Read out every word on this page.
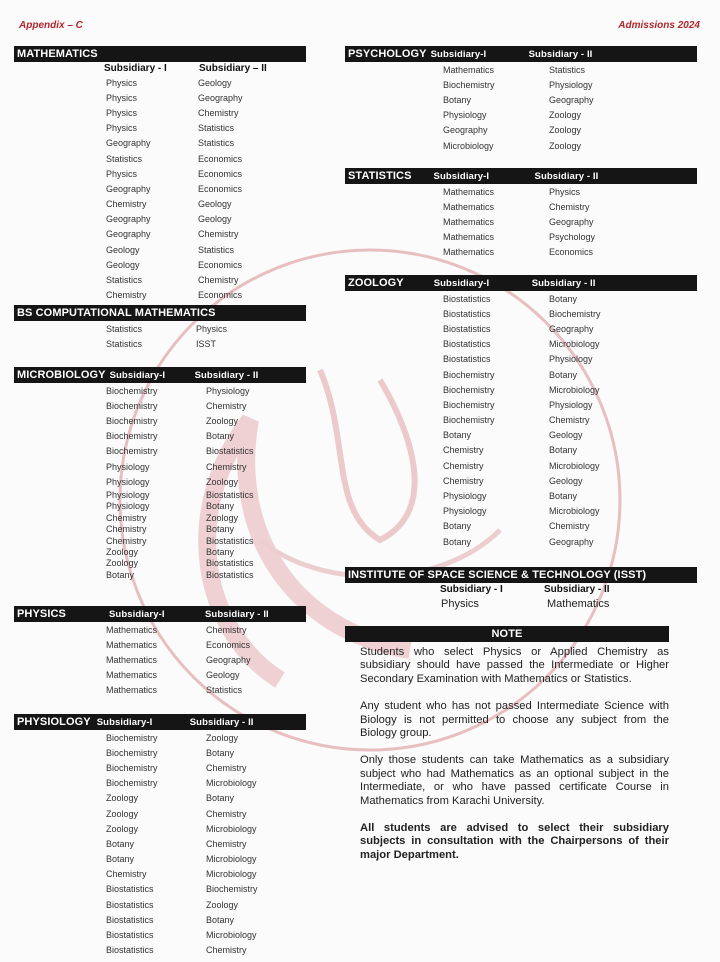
Appendix – C	Admissions 2024
MATHEMATICS
Subsidiary - I	Subsidiary – II
Physics	Geology
Physics	Geography
Physics	Chemistry
Physics	Statistics
Geography	Statistics
Statistics	Economics
Physics	Economics
Geography	Economics
Chemistry	Geology
Geography	Geology
Geography	Chemistry
Geology	Statistics
Geology	Economics
Statistics	Chemistry
Chemistry	Economics
BS COMPUTATIONAL MATHEMATICS
Statistics	Physics
Statistics	ISST
MICROBIOLOGY Subsidiary-I	Subsidiary - II
Biochemistry	Physiology
Biochemistry	Chemistry
Biochemistry	Zoology
Biochemistry	Botany
Biochemistry	Biostatistics
Physiology	Chemistry
Physiology	Zoology
Physiology	Biostatistics
Physiology	Botany
Chemistry	Zoology
Chemistry	Botany
Chemistry	Biostatistics
Zoology	Botany
Zoology	Biostatistics
Botany	Biostatistics
PHYSICS	Subsidiary-I	Subsidiary - II
Mathematics	Chemistry
Mathematics	Economics
Mathematics	Geography
Mathematics	Geology
Mathematics	Statistics
PHYSIOLOGY Subsidiary-I	Subsidiary - II
Biochemistry	Zoology
Biochemistry	Botany
Biochemistry	Chemistry
Biochemistry	Microbiology
Zoology	Botany
Zoology	Chemistry
Zoology	Microbiology
Botany	Chemistry
Botany	Microbiology
Chemistry	Microbiology
Biostatistics	Biochemistry
Biostatistics	Zoology
Biostatistics	Botany
Biostatistics	Microbiology
Biostatistics	Chemistry
PSYCHOLOGY Subsidiary-I	Subsidiary - II
Mathematics	Statistics
Biochemistry	Physiology
Botany	Geography
Physiology	Zoology
Geography	Zoology
Microbiology	Zoology
STATISTICS Subsidiary-I	Subsidiary - II
Mathematics	Physics
Mathematics	Chemistry
Mathematics	Geography
Mathematics	Psychology
Mathematics	Economics
ZOOLOGY	Subsidiary-I	Subsidiary - II
Biostatistics	Botany
Biostatistics	Biochemistry
Biostatistics	Geography
Biostatistics	Microbiology
Biostatistics	Physiology
Biochemistry	Botany
Biochemistry	Microbiology
Biochemistry	Physiology
Biochemistry	Chemistry
Botany	Geology
Chemistry	Botany
Chemistry	Microbiology
Chemistry	Geology
Physiology	Botany
Physiology	Microbiology
Botany	Chemistry
Botany	Geography
INSTITUTE OF SPACE SCIENCE & TECHNOLOGY (ISST)
Subsidiary - I	Subsidiary - II
Physics	Mathematics
NOTE
Students who select Physics or Applied Chemistry as subsidiary should have passed the Intermediate or Higher Secondary Examination with Mathematics or Statistics.
Any student who has not passed Intermediate Science with Biology is not permitted to choose any subject from the Biology group.
Only those students can take Mathematics as a subsidiary subject who had Mathematics as an optional subject in the Intermediate, or who have passed certificate Course in Mathematics from Karachi University.
All students are advised to select their subsidiary subjects in consultation with the Chairpersons of their major Department.
